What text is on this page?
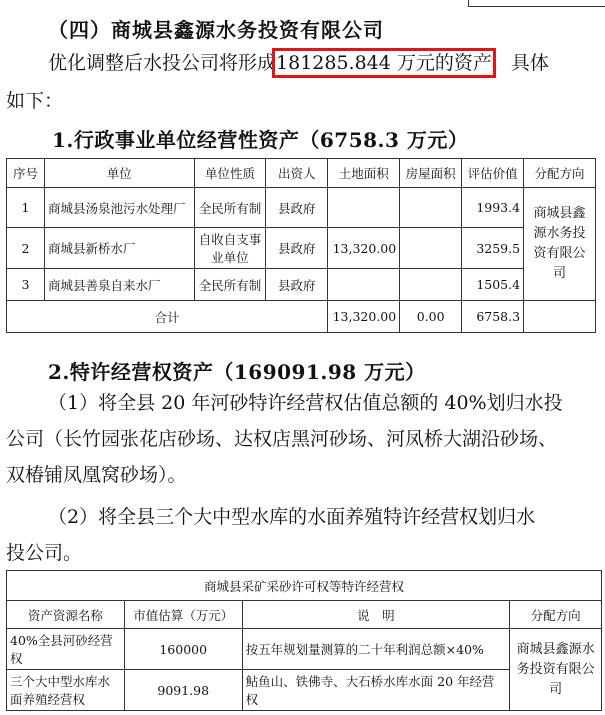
（四）商城县鑫源水务投资有限公司
优化调整后水投公司将形成181285.844 万元的资产，具体
如下：
1.行政事业单位经营性资产（6758.3 万元）
序号	单位	单位性质	出资人	土地面积	房屋面积	评估价值	分配方向
1	商城县汤泉池污水处理厂	全民所有制	县政府			1993.4	商城县鑫源水务投资有限公司
2	商城县新桥水厂	自收自支事业单位	县政府	13,320.00		3259.5	
3	商城县善泉自来水厂	全民所有制	县政府			1505.4	
合计				13,320.00	0.00	6758.3	
2.特许经营权资产（169091.98 万元）
（1）将全县 20 年河砂特许经营权估值总额的 40%划归水投
公司（长竹园张花店砂场、达权店黑河砂场、河凤桥大湖沿砂场、
双椿铺凤凰窝砂场）。
（2）将全县三个大中型水库的水面养殖特许经营权划归水
投公司。
商城县采矿采砂许可权等特许经营权			
资产资源名称	市值估算（万元）	说　明	分配方向
40%全县河砂经营权	160000	按五年规划量测算的二十年利润总额×40%	商城县鑫源水务投资有限公司
三个大中型水库水面养殖经营权	9091.98	鲇鱼山、铁佛寺、大石桥水库水面 20 年经营权	
